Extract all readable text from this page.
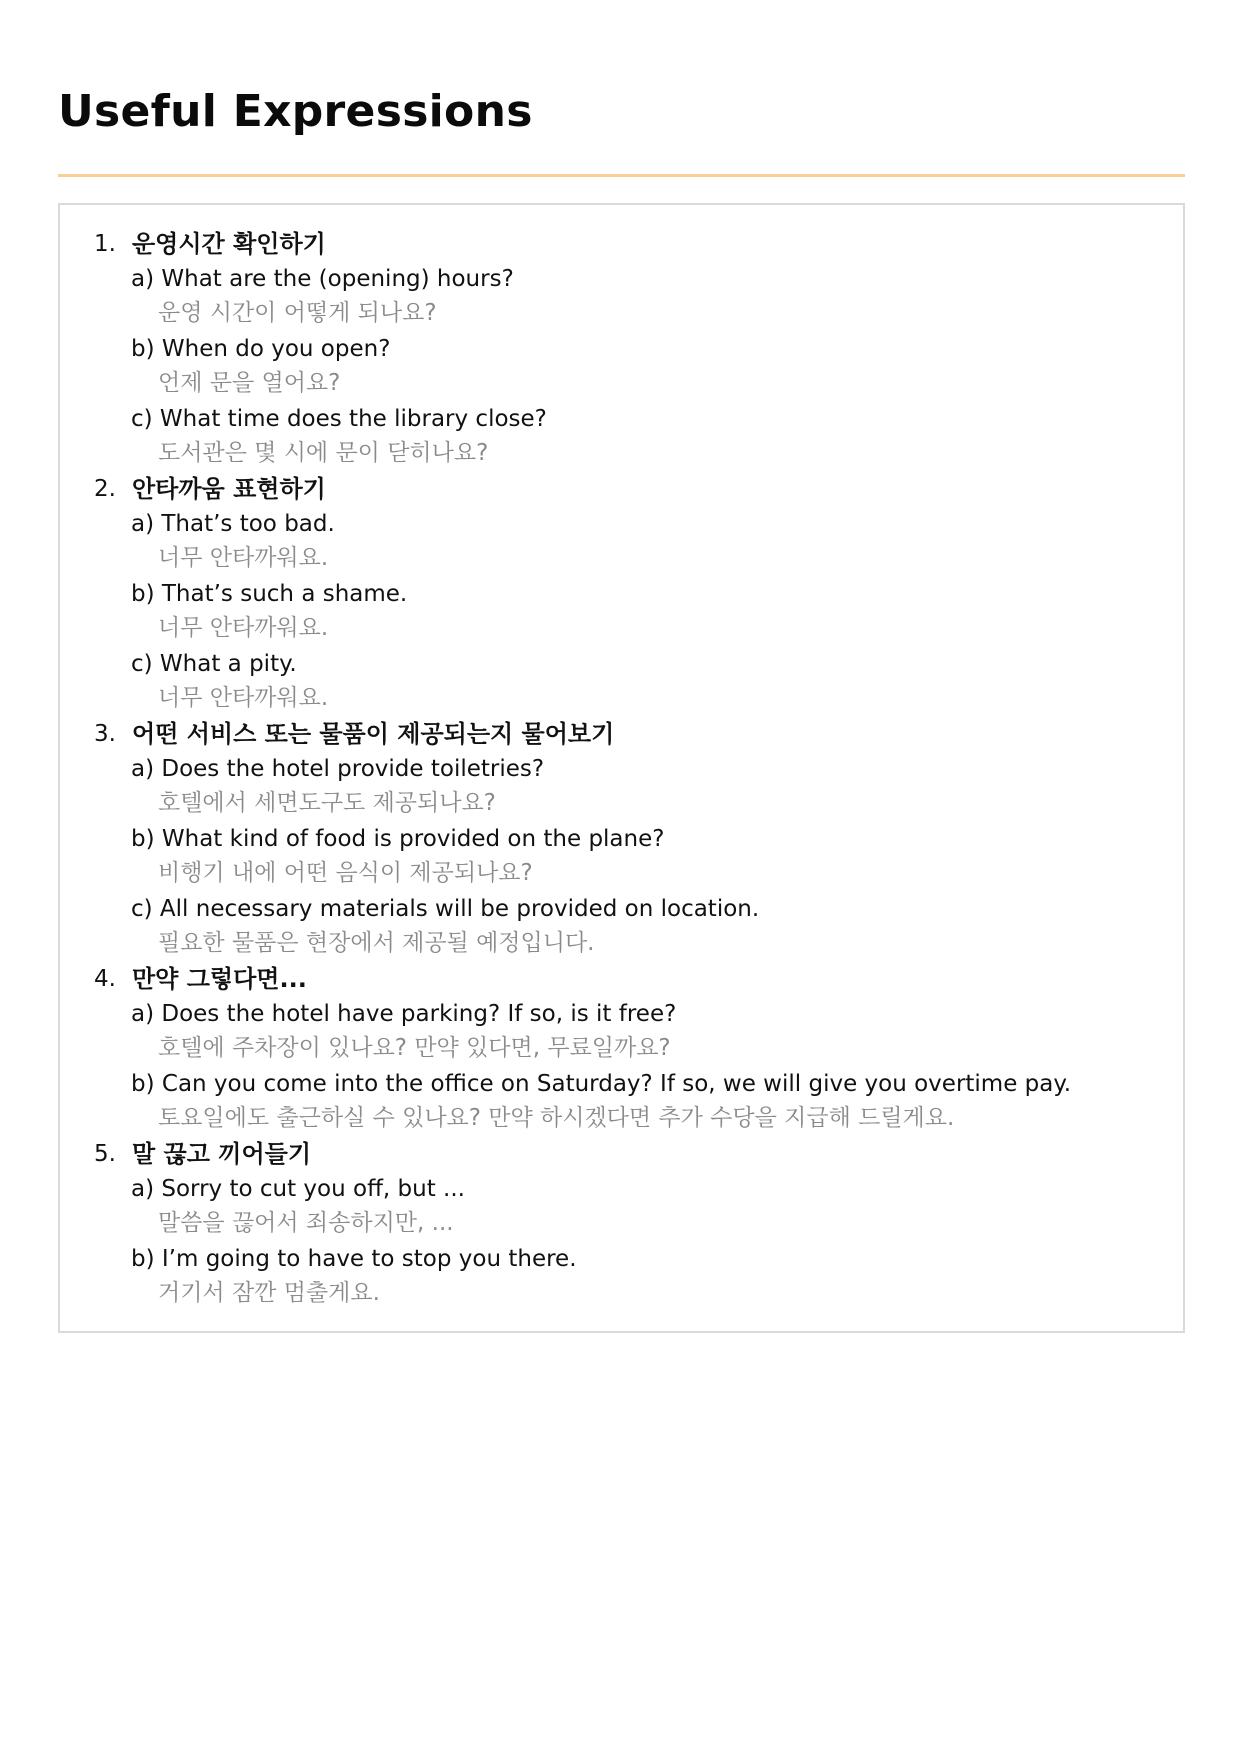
Useful Expressions
1. 운영시간 확인하기
a) What are the (opening) hours?
운영 시간이 어떻게 되나요?
b) When do you open?
언제 문을 열어요?
c) What time does the library close?
도서관은 몇 시에 문이 닫히나요?
2. 안타까움 표현하기
a) That’s too bad.
너무 안타까워요.
b) That’s such a shame.
너무 안타까워요.
c) What a pity.
너무 안타까워요.
3. 어떤 서비스 또는 물품이 제공되는지 물어보기
a) Does the hotel provide toiletries?
호텔에서 세면도구도 제공되나요?
b) What kind of food is provided on the plane?
비행기 내에 어떤 음식이 제공되나요?
c) All necessary materials will be provided on location.
필요한 물품은 현장에서 제공될 예정입니다.
4. 만약 그렇다면...
a) Does the hotel have parking? If so, is it free?
호텔에 주차장이 있나요? 만약 있다면, 무료일까요?
b) Can you come into the office on Saturday? If so, we will give you overtime pay.
토요일에도 출근하실 수 있나요? 만약 하시겠다면 추가 수당을 지급해 드릴게요.
5. 말 끊고 끼어들기
a) Sorry to cut you off, but ...
말씀을 끊어서 죄송하지만, ...
b) I’m going to have to stop you there.
거기서 잠깐 멈출게요.
